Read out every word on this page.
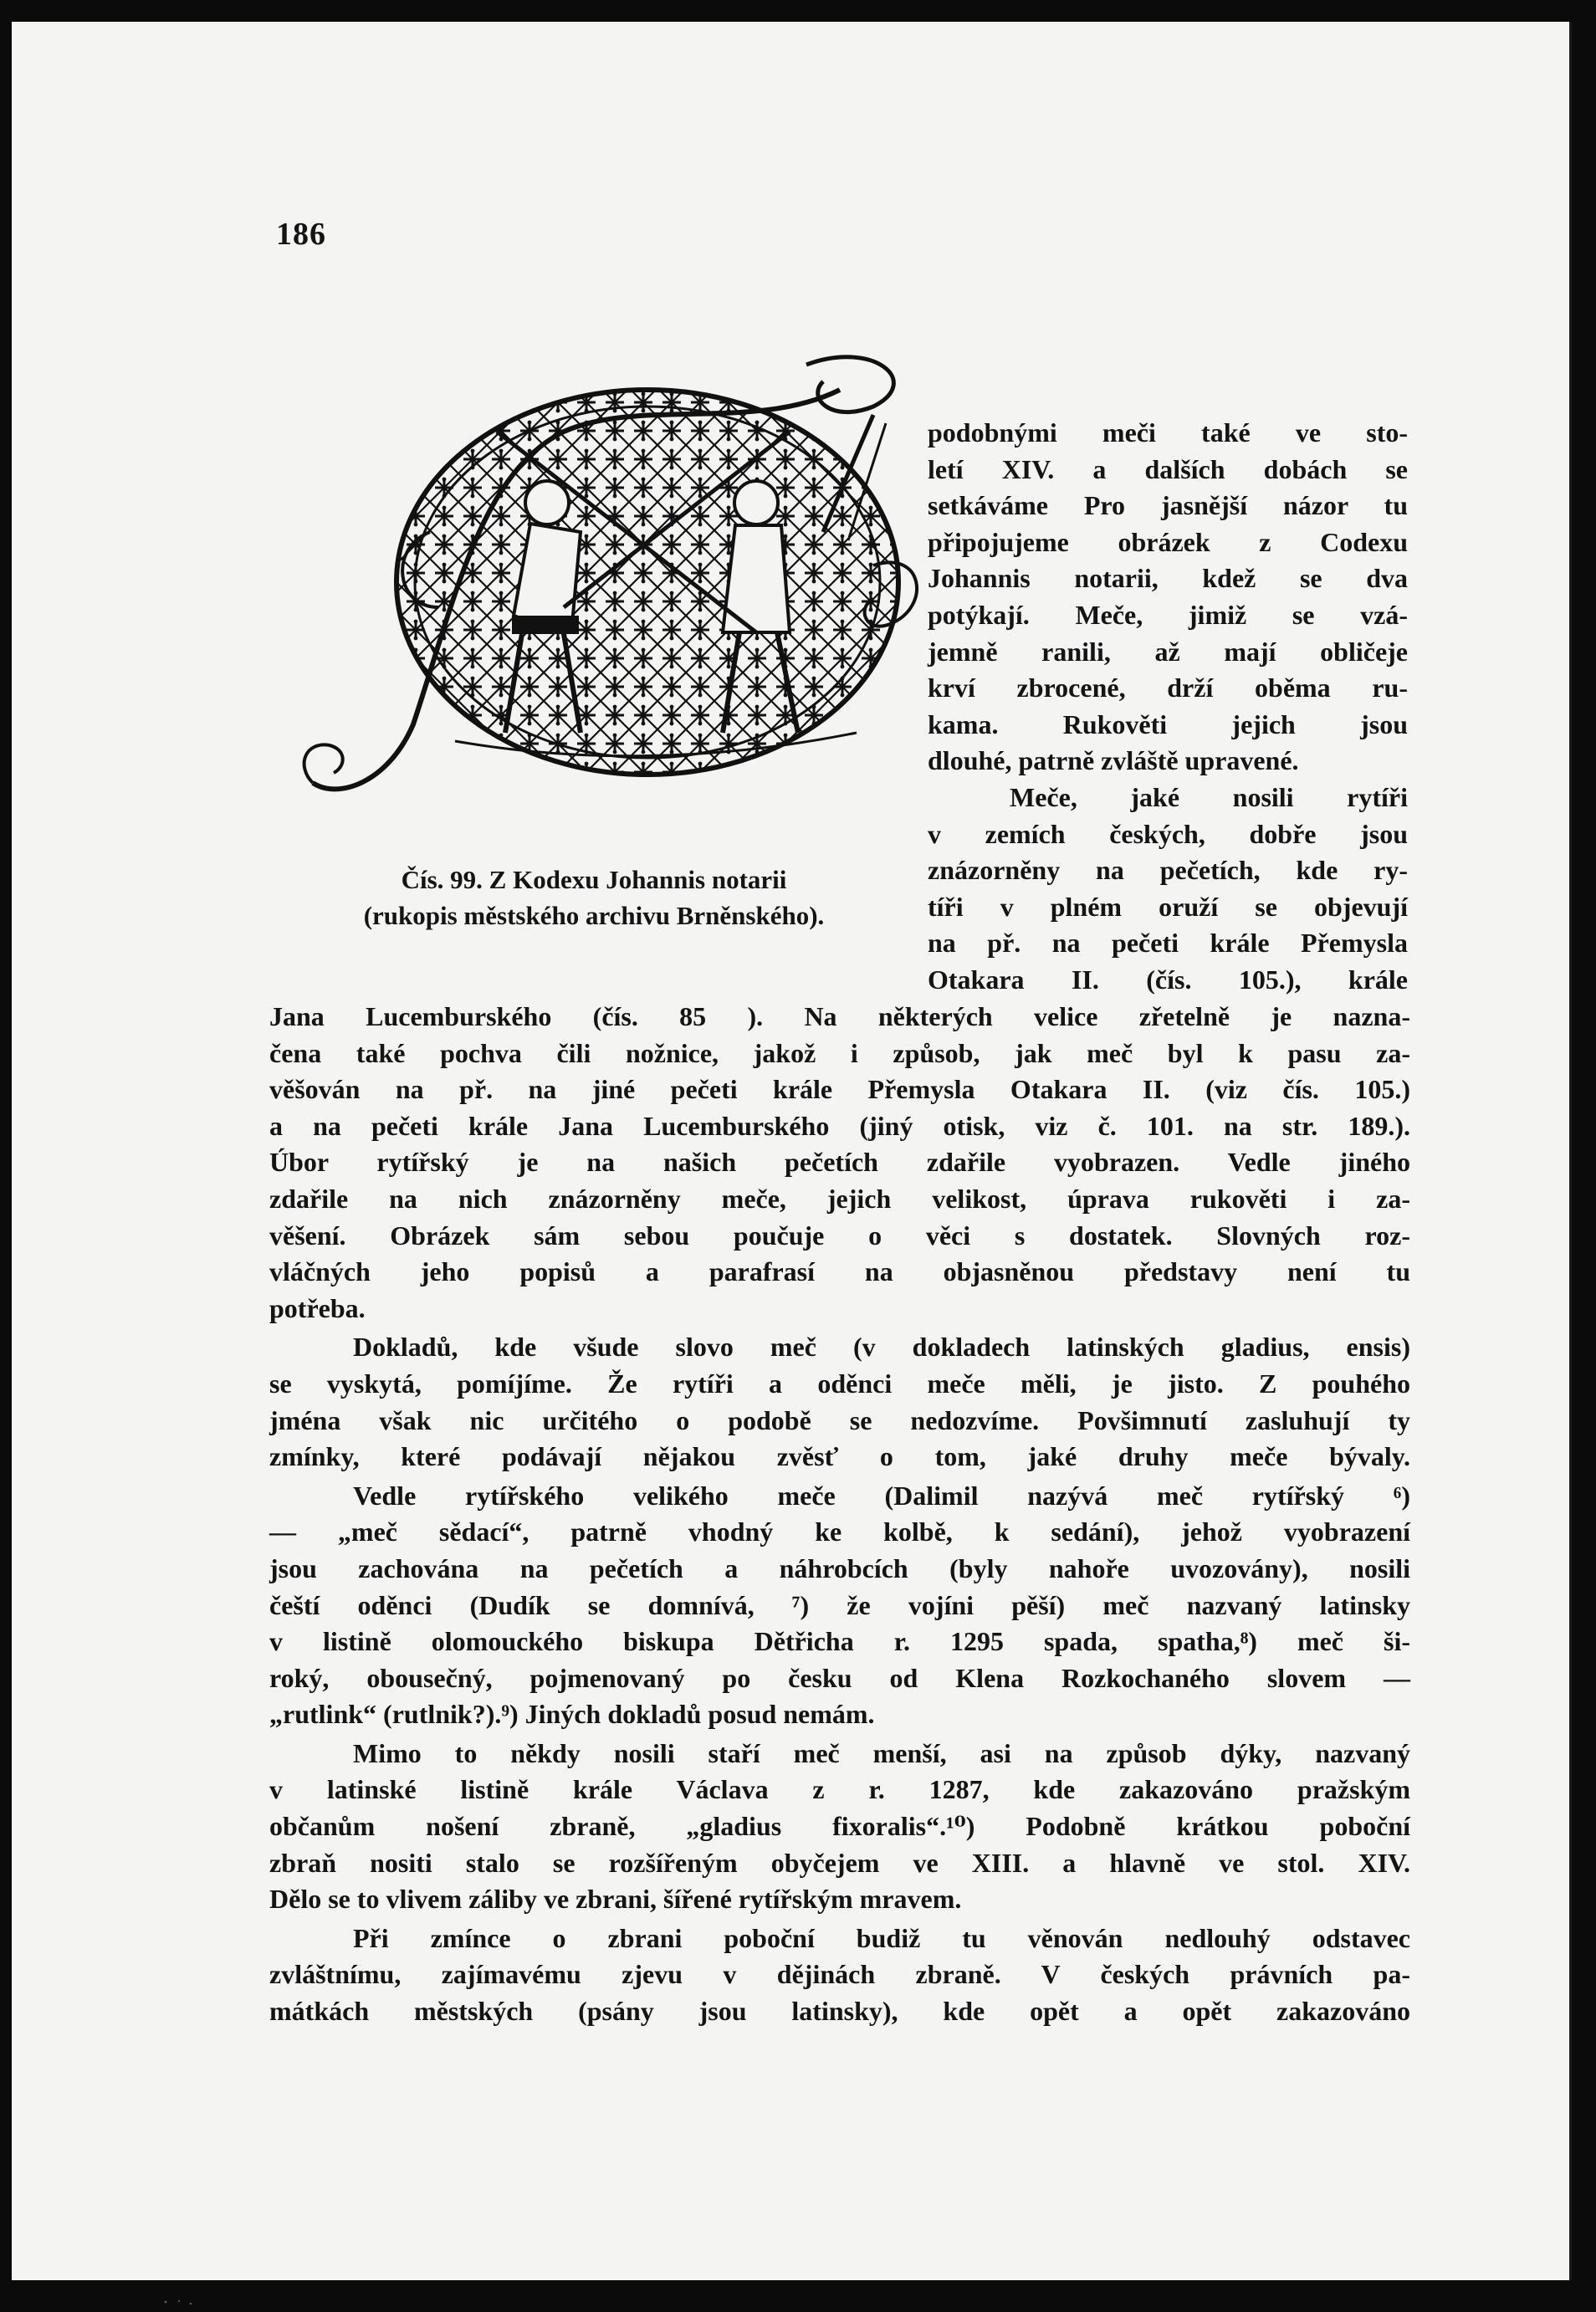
186
Čís. 99. Z Kodexu Johannis notarii
(rukopis městského archivu Brněnského).
podobnými meči také ve sto-
letí XIV. a dalších dobách se
setkáváme Pro jasnější názor tu
připojujeme obrázek z Codexu
Johannis notarii, kdež se dva
potýkají. Meče, jimiž se vzá-
jemně ranili, až mají obličeje
krví zbrocené, drží oběma ru-
kama. Rukověti jejich jsou
dlouhé, patrně zvláště upravené.
Meče, jaké nosili rytíři
v zemích českých, dobře jsou
znázorněny na pečetích, kde ry-
tíři v plném oruží se objevují
na př. na pečeti krále Přemysla
Otakara II. (čís. 105.), krále
Jana Lucemburského (čís. 85 ). Na některých velice zřetelně je nazna-
čena také pochva čili nožnice, jakož i způsob, jak meč byl k pasu za-
věšován na př. na jiné pečeti krále Přemysla Otakara II. (viz čís. 105.)
a na pečeti krále Jana Lucemburského (jiný otisk, viz č. 101. na str. 189.).
Úbor rytířský je na našich pečetích zdařile vyobrazen. Vedle jiného
zdařile na nich znázorněny meče, jejich velikost, úprava rukověti i za-
věšení. Obrázek sám sebou poučuje o věci s dostatek. Slovných roz-
vláčných jeho popisů a parafrasí na objasněnou představy není tu
potřeba.
Dokladů, kde všude slovo meč (v dokladech latinských gladius, ensis)
se vyskytá, pomíjíme. Že rytíři a oděnci meče měli, je jisto. Z pouhého
jména však nic určitého o podobě se nedozvíme. Povšimnutí zasluhují ty
zmínky, které podávají nějakou zvěsť o tom, jaké druhy meče bývaly.
Vedle rytířského velikého meče (Dalimil nazývá meč rytířský ⁶)
— „meč sědací“, patrně vhodný ke kolbě, k sedání), jehož vyobrazení
jsou zachována na pečetích a náhrobcích (byly nahoře uvozovány), nosili
čeští oděnci (Dudík se domnívá, ⁷) že vojíni pěší) meč nazvaný latinsky
v listině olomouckého biskupa Dětřicha r. 1295 spada, spatha,⁸) meč ši-
roký, obousečný, pojmenovaný po česku od Klena Rozkochaného slovem —
„rutlink“ (rutlnik?).⁹) Jiných dokladů posud nemám.
Mimo to někdy nosili staří meč menší, asi na způsob dýky, nazvaný
v latinské listině krále Václava z r. 1287, kde zakazováno pražským
občanům nošení zbraně, „gladius fixoralis“.¹⁰) Podobně krátkou poboční
zbraň nositi stalo se rozšířeným obyčejem ve XIII. a hlavně ve stol. XIV.
Dělo se to vlivem záliby ve zbrani, šířené rytířským mravem.
Při zmínce o zbrani poboční budiž tu věnován nedlouhý odstavec
zvláštnímu, zajímavému zjevu v dějinách zbraně. V českých právních pa-
mátkách městských (psány jsou latinsky), kde opět a opět zakazováno
